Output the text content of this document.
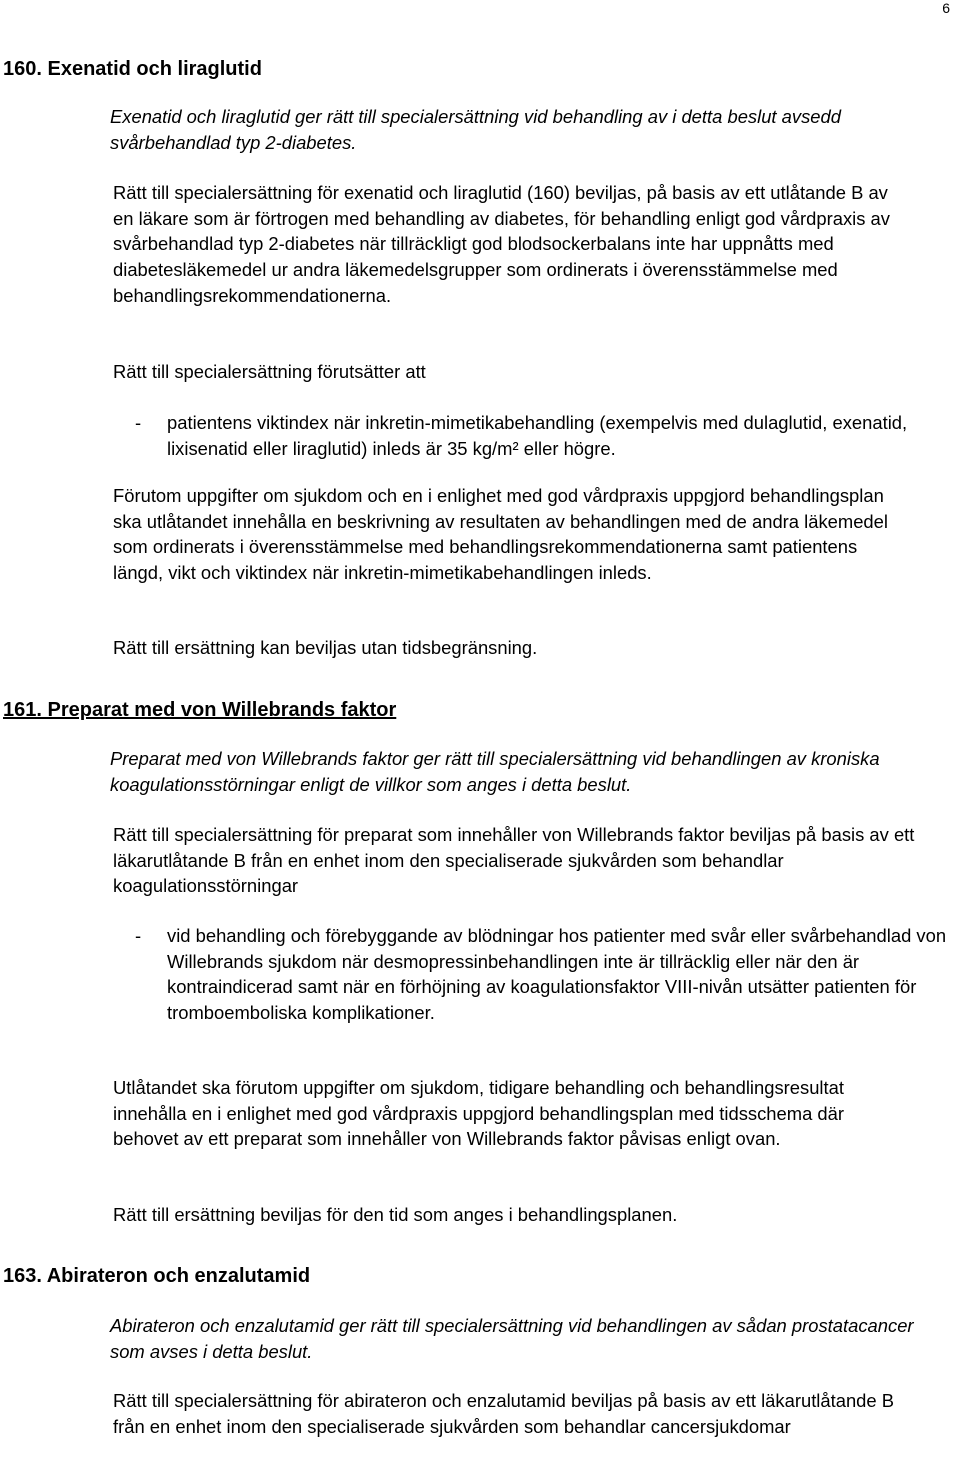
6
160. Exenatid och liraglutid
Exenatid och liraglutid ger rätt till specialersättning vid behandling av i detta beslut avsedd svårbehandlad typ 2-diabetes.
Rätt till specialersättning för exenatid och liraglutid (160) beviljas, på basis av ett utlåtande B av en läkare som är förtrogen med behandling av diabetes, för behandling enligt god vårdpraxis av svårbehandlad typ 2-diabetes när tillräckligt god blodsockerbalans inte har uppnåtts med diabetesläkemedel ur andra läkemedelsgrupper som ordinerats i överensstämmelse med behandlingsrekommendationerna.
Rätt till specialersättning förutsätter att
- patientens viktindex när inkretin-mimetikabehandling (exempelvis med dulaglutid, exenatid, lixisenatid eller liraglutid) inleds är 35 kg/m² eller högre.
Förutom uppgifter om sjukdom och en i enlighet med god vårdpraxis uppgjord behandlingsplan ska utlåtandet innehålla en beskrivning av resultaten av behandlingen med de andra läkemedel som ordinerats i överensstämmelse med behandlingsrekommendationerna samt patientens längd, vikt och viktindex när inkretin-mimetikabehandlingen inleds.
Rätt till ersättning kan beviljas utan tidsbegränsning.
161. Preparat med von Willebrands faktor
Preparat med von Willebrands faktor ger rätt till specialersättning vid behandlingen av kroniska koagulationsstörningar enligt de villkor som anges i detta beslut.
Rätt till specialersättning för preparat som innehåller von Willebrands faktor beviljas på basis av ett läkarutlåtande B från en enhet inom den specialiserade sjukvården som behandlar koagulationsstörningar
- vid behandling och förebyggande av blödningar hos patienter med svår eller svårbehandlad von Willebrands sjukdom när desmopressinbehandlingen inte är tillräcklig eller när den är kontraindicerad samt när en förhöjning av koagulationsfaktor VIII-nivån utsätter patienten för tromboemboliska komplikationer.
Utlåtandet ska förutom uppgifter om sjukdom, tidigare behandling och behandlingsresultat innehålla en i enlighet med god vårdpraxis uppgjord behandlingsplan med tidsschema där behovet av ett preparat som innehåller von Willebrands faktor påvisas enligt ovan.
Rätt till ersättning beviljas för den tid som anges i behandlingsplanen.
163. Abirateron och enzalutamid
Abirateron och enzalutamid ger rätt till specialersättning vid behandlingen av sådan prostatacancer som avses i detta beslut.
Rätt till specialersättning för abirateron och enzalutamid beviljas på basis av ett läkarutlåtande B från en enhet inom den specialiserade sjukvården som behandlar cancersjukdomar
